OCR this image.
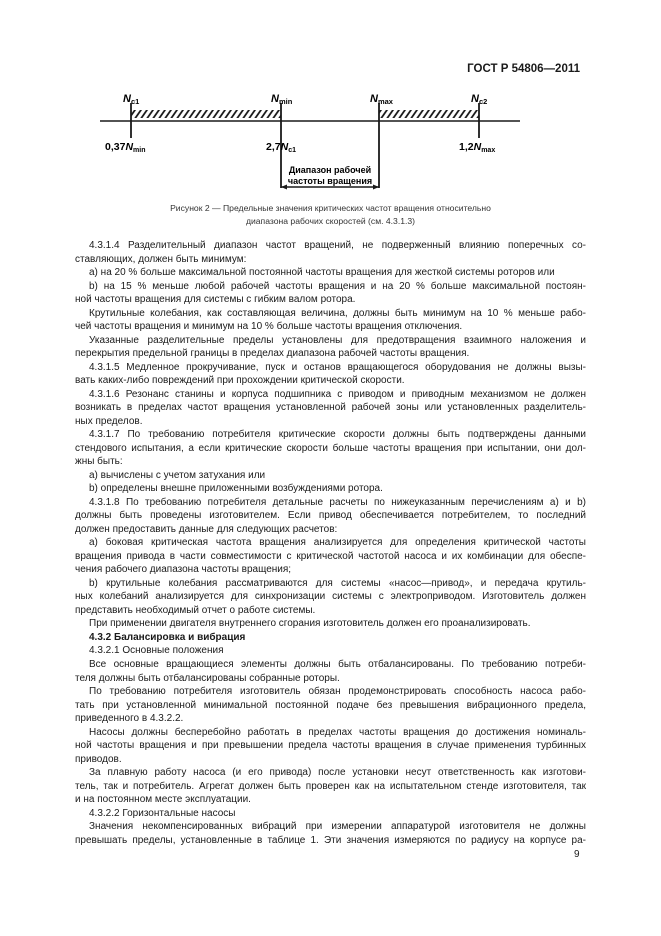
ГОСТ Р 54806—2011
Nc1	Nmin	Nmax	Nc2
0,37Nmin	2,7Nc1	1,2Nmax
Диапазон рабочей
частоты вращения
Рисунок 2 — Предельные значения критических частот вращения относительно
диапазона рабочих скоростей (см. 4.3.1.3)

4.3.1.4 Разделительный диапазон частот вращений, не подверженный влиянию поперечных со-

ставляющих, должен быть минимум:

а) на 20 % больше максимальной постоянной частоты вращения для жесткой системы роторов или

b) на 15 % меньше любой рабочей частоты вращения и на 20 % больше максимальной постоян-

ной частоты вращения для системы с гибким валом ротора.

Крутильные колебания, как составляющая величина, должны быть минимум на 10 % меньше рабо-

чей частоты вращения и минимум на 10 % больше частоты вращения отключения.

Указанные разделительные пределы установлены для предотвращения взаимного наложения и

перекрытия предельной границы в пределах диапазона рабочей частоты вращения.

4.3.1.5 Медленное прокручивание, пуск и останов вращающегося оборудования не должны вызы-

вать каких-либо повреждений при прохождении критической скорости.

4.3.1.6 Резонанс станины и корпуса подшипника с приводом и приводным механизмом не должен

возникать в пределах частот вращения установленной рабочей зоны или установленных разделитель-

ных пределов.

4.3.1.7 По требованию потребителя критические скорости должны быть подтверждены данными

стендового испытания, а если критические скорости больше частоты вращения при испытании, они дол-

жны быть:

а) вычислены с учетом затухания или

b) определены внешне приложенными возбуждениями ротора.

4.3.1.8 По требованию потребителя детальные расчеты по нижеуказанным перечислениям а) и b)

должны быть проведены изготовителем. Если привод обеспечивается потребителем, то последний

должен предоставить данные для следующих расчетов:

а) боковая критическая частота вращения анализируется для определения критической частоты

вращения привода в части совместимости с критической частотой насоса и их комбинации для обеспе-

чения рабочего диапазона частоты вращения;

b) крутильные колебания рассматриваются для системы «насос—привод», и передача крутиль-

ных колебаний анализируется для синхронизации системы с электроприводом. Изготовитель должен

представить необходимый отчет о работе системы.

При применении двигателя внутреннего сгорания изготовитель должен его проанализировать.

4.3.2 Балансировка и вибрация

4.3.2.1 Основные положения

Все основные вращающиеся элементы должны быть отбалансированы. По требованию потреби-

теля должны быть отбалансированы собранные роторы.

По требованию потребителя изготовитель обязан продемонстрировать способность насоса рабо-

тать при установленной минимальной постоянной подаче без превышения вибрационного предела,

приведенного в 4.3.2.2.

Насосы должны бесперебойно работать в пределах частоты вращения до достижения номиналь-

ной частоты вращения и при превышении предела частоты вращения в случае применения турбинных

приводов.

За плавную работу насоса (и его привода) после установки несут ответственность как изготови-

тель, так и потребитель. Агрегат должен быть проверен как на испытательном стенде изготовителя, так

и на постоянном месте эксплуатации.

4.3.2.2 Горизонтальные насосы

Значения некомпенсированных вибраций при измерении аппаратурой изготовителя не должны

превышать пределы, установленные в таблице 1. Эти значения измеряются по радиусу на корпусе ра-

9
